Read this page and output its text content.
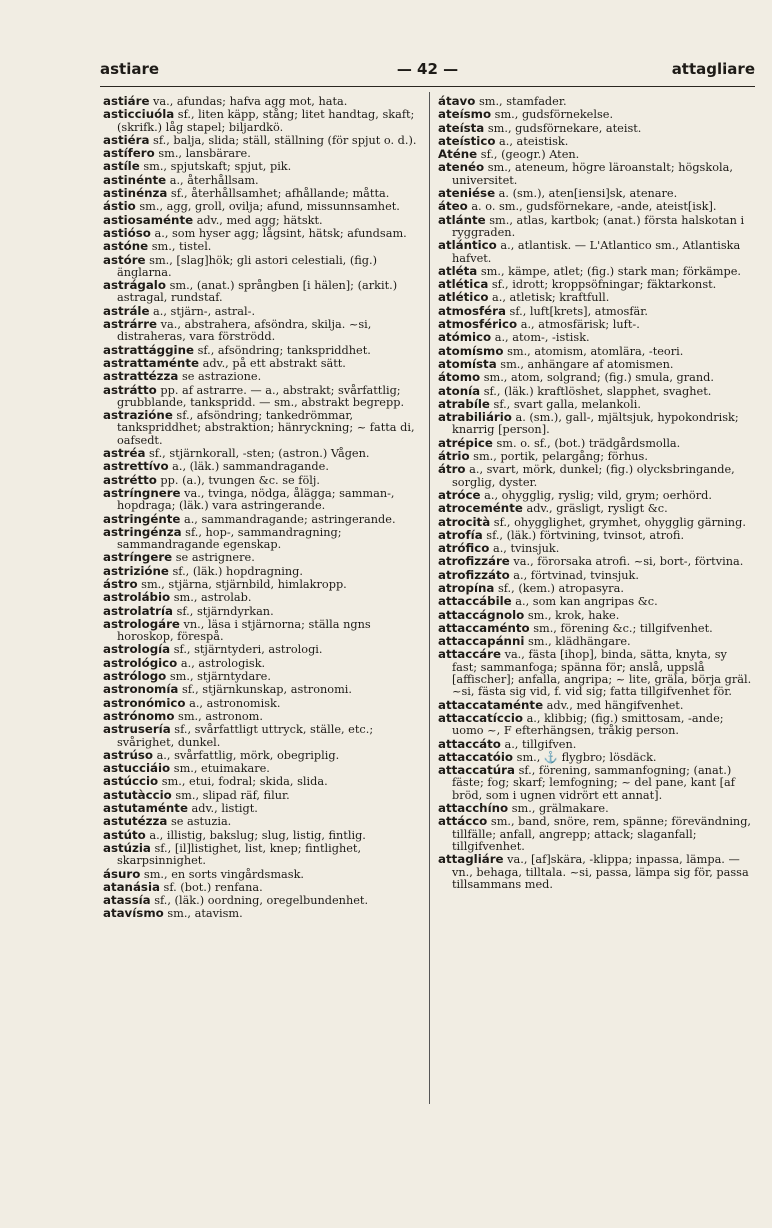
astiare	— 42 —	attagliare

astiáre va., afundas; hafva agg mot, hata.

asticciuóla sf., liten käpp, stång; litet handtag, skaft; (skrifk.) låg stapel; biljardkö.

astiéra sf., balja, slida; ställ, ställning (för spjut o. d.).

astífero sm., lansbärare.

astíle sm., spjutskaft; spjut, pik.

astinénte a., återhållsam.

astinénza sf., återhållsamhet; afhållande; måtta.

ástio sm., agg, groll, ovilja; afund, missunnsamhet.

astiosaménte adv., med agg; hätskt.

astióso a., som hyser agg; lågsint, hätsk; afundsam.

astóne sm., tistel.

astóre sm., [slag]hök; gli astori celestiali, (fig.) änglarna.

astrágalo sm., (anat.) språngben [i hälen]; (arkit.) astragal, rundstaf.

astrále a., stjärn-, astral-.

astrárre va., abstrahera, afsöndra, skilja. ~si, distraheras, vara förströdd.

astrattággine sf., afsöndring; tankspriddhet.

astrattaménte adv., på ett abstrakt sätt.

astrattézza se astrazione.

astrátto pp. af astrarre. — a., abstrakt; svårfattlig; grubblande, tankspridd. — sm., abstrakt begrepp.

astrazióne sf., afsöndring; tankedrömmar, tankspriddhet; abstraktion; hänryckning; ~ fatta di, oafsedt.

astréa sf., stjärnkorall, -sten; (astron.) Vågen.

astrettívo a., (läk.) sammandragande.

astrétto pp. (a.), tvungen &c. se följ.

astríngnere va., tvinga, nödga, ålägga; samman-, hopdraga; (läk.) vara astringerande.

astringénte a., sammandragande; astringerande.

astringénza sf., hop-, sammandragning; sammandragande egenskap.

astríngere se astrignere.

astrizióne sf., (läk.) hopdragning.

ástro sm., stjärna, stjärnbild, himlakropp.

astrolábio sm., astrolab.

astrolatría sf., stjärndyrkan.

astrologáre vn., läsa i stjärnorna; ställa ngns horoskop, förespå.

astrología sf., stjärntyderi, astrologi.

astrológico a., astrologisk.

astrólogo sm., stjärntydare.

astronomía sf., stjärnkunskap, astronomi.

astronómico a., astronomisk.

astrónomo sm., astronom.

astrusería sf., svårfattligt uttryck, ställe, etc.; svårighet, dunkel.

astrúso a., svårfattlig, mörk, obegriplig.

astucciáio sm., etuimakare.

astúccio sm., etui, fodral; skida, slida.

astutàccio sm., slipad räf, filur.

astutaménte adv., listigt.

astutézza se astuzia.

astúto a., illistig, bakslug; slug, listig, fintlig.

astúzia sf., [il]listighet, list, knep; fintlighet, skarpsinnighet.

ásuro sm., en sorts vingårdsmask.

atanásia sf. (bot.) renfana.

atassía sf., (läk.) oordning, oregelbundenhet.

atavísmo sm., atavism.

átavo sm., stamfader.

ateísmo sm., gudsförnekelse.

ateísta sm., gudsförnekare, ateist.

ateístico a., ateistisk.

Aténe sf., (geogr.) Aten.

atenéo sm., ateneum, högre läroanstalt; högskola, universitet.

ateniése a. (sm.), aten[iensi]sk, atenare.

áteo a. o. sm., gudsförnekare, -ande, ateist[isk].

atlánte sm., atlas, kartbok; (anat.) första halskotan i ryggraden.

atlántico a., atlantisk. — L'Atlantico sm., Atlantiska hafvet.

atléta sm., kämpe, atlet; (fig.) stark man; förkämpe.

atlética sf., idrott; kroppsöfningar; fäktarkonst.

atlético a., atletisk; kraftfull.

atmosféra sf., luft[krets], atmosfär.

atmosférico a., atmosfärisk; luft-.

atómico a., atom-, -istisk.

atomísmo sm., atomism, atomlära, -teori.

atomísta sm., anhängare af atomismen.

átomo sm., atom, solgrand; (fig.) smula, grand.

atonía sf., (läk.) kraftlöshet, slapphet, svaghet.

atrabíle sf., svart galla, melankoli.

atrabiliário a. (sm.), gall-, mjältsjuk, hypokondrisk; knarrig [person].

atrépice sm. o. sf., (bot.) trädgårdsmolla.

átrio sm., portik, pelargång; förhus.

átro a., svart, mörk, dunkel; (fig.) olycksbringande, sorglig, dyster.

atróce a., ohygglig, ryslig; vild, grym; oerhörd.

atroceménte adv., gräsligt, rysligt &c.

atrocità sf., ohygglighet, grymhet, ohygglig gärning.

atrofía sf., (läk.) förtvining, tvinsot, atrofi.

atrófico a., tvinsjuk.

atrofizzáre va., förorsaka atrofi. ~si, bort-, förtvina.

atrofizzáto a., förtvinad, tvinsjuk.

atropína sf., (kem.) atropasyra.

attaccábile a., som kan angripas &c.

attaccágnolo sm., krok, hake.

attaccaménto sm., förening &c.; tillgifvenhet.

attaccapánni sm., klädhängare.

attaccáre va., fästa [ihop], binda, sätta, knyta, sy fast; sammanfoga; spänna för; anslå, uppslå [affischer]; anfalla, angripa; ~ lite, gräla, börja gräl. ~si, fästa sig vid, f. vid sig; fatta tillgifvenhet för.

attaccataménte adv., med hängifvenhet.

attaccatíccio a., klibbig; (fig.) smittosam, -ande; uomo ~, F efterhängsen, tråkig person.

attaccáto a., tillgifven.

attaccatóio sm., ⚓ flygbro; lösdäck.

attaccatúra sf., förening, sammanfogning; (anat.) fäste; fog; skarf; lemfogning; ~ del pane, kant [af bröd, som i ugnen vidrört ett annat].

attacchíno sm., grälmakare.

attácco sm., band, snöre, rem, spänne; förevändning, tillfälle; anfall, angrepp; attack; slaganfall; tillgifvenhet.

attagliáre va., [af]skära, -klippa; inpassa, lämpa. — vn., behaga, tilltala. ~si, passa, lämpa sig för, passa tillsammans med.
